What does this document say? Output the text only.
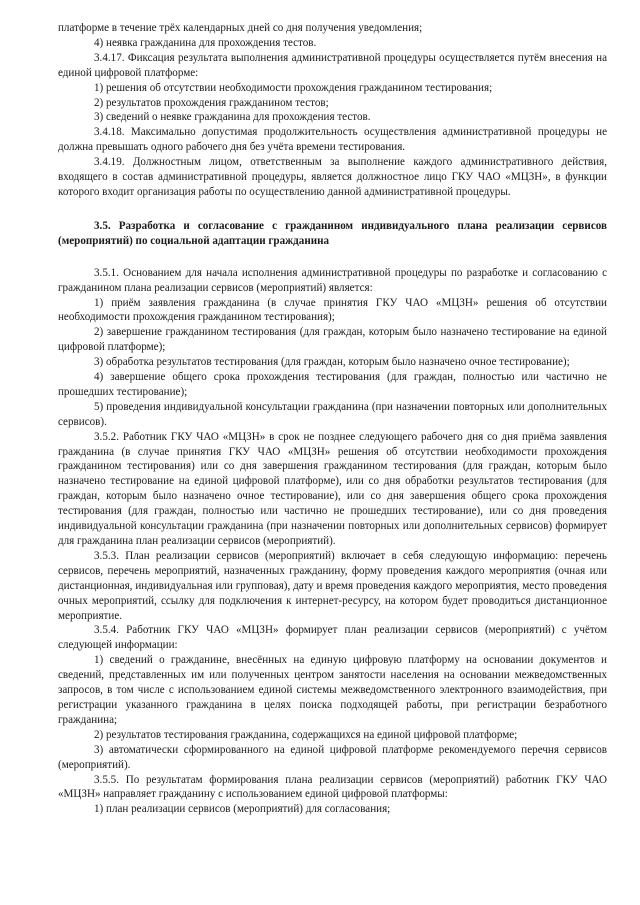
платформе в течение трёх календарных дней со дня получения уведомления;

4) неявка гражданина для прохождения тестов.

3.4.17. Фиксация результата выполнения административной процедуры осуществляется путём внесения на единой цифровой платформе:

1) решения об отсутствии необходимости прохождения гражданином тестирования;

2) результатов прохождения гражданином тестов;

3) сведений о неявке гражданина для прохождения тестов.

3.4.18. Максимально допустимая продолжительность осуществления административной процедуры не должна превышать одного рабочего дня без учёта времени тестирования.

3.4.19. Должностным лицом, ответственным за выполнение каждого административного действия, входящего в состав административной процедуры, является должностное лицо ГКУ ЧАО «МЦЗН», в функции которого входит организация работы по осуществлению данной административной процедуры.

3.5. Разработка и согласование с гражданином индивидуального плана реализации сервисов (мероприятий) по социальной адаптации гражданина

3.5.1. Основанием для начала исполнения административной процедуры по разработке и согласованию с гражданином плана реализации сервисов (мероприятий) является:

1) приём заявления гражданина (в случае принятия ГКУ ЧАО «МЦЗН» решения об отсутствии необходимости прохождения гражданином тестирования);

2) завершение гражданином тестирования (для граждан, которым было назначено тестирование на единой цифровой платформе);

3) обработка результатов тестирования (для граждан, которым было назначено очное тестирование);

4) завершение общего срока прохождения тестирования (для граждан, полностью или частично не прошедших тестирование);

5) проведения индивидуальной консультации гражданина (при назначении повторных или дополнительных сервисов).

3.5.2. Работник ГКУ ЧАО «МЦЗН» в срок не позднее следующего рабочего дня со дня приёма заявления гражданина (в случае принятия ГКУ ЧАО «МЦЗН» решения об отсутствии необходимости прохождения гражданином тестирования) или со дня завершения гражданином тестирования (для граждан, которым было назначено тестирование на единой цифровой платформе), или со дня обработки результатов тестирования (для граждан, которым было назначено очное тестирование), или со дня завершения общего срока прохождения тестирования (для граждан, полностью или частично не прошедших тестирование), или со дня проведения индивидуальной консультации гражданина (при назначении повторных или дополнительных сервисов) формирует для гражданина план реализации сервисов (мероприятий).

3.5.3. План реализации сервисов (мероприятий) включает в себя следующую информацию: перечень сервисов, перечень мероприятий, назначенных гражданину, форму проведения каждого мероприятия (очная или дистанционная, индивидуальная или групповая), дату и время проведения каждого мероприятия, место проведения очных мероприятий, ссылку для подключения к интернет-ресурсу, на котором будет проводиться дистанционное мероприятие.

3.5.4. Работник ГКУ ЧАО «МЦЗН» формирует план реализации сервисов (мероприятий) с учётом следующей информации:

1) сведений о гражданине, внесённых на единую цифровую платформу на основании документов и сведений, представленных им или полученных центром занятости населения на основании межведомственных запросов, в том числе с использованием единой системы межведомственного электронного взаимодействия, при регистрации указанного гражданина в целях поиска подходящей работы, при регистрации безработного гражданина;

2) результатов тестирования гражданина, содержащихся на единой цифровой платформе;

3) автоматически сформированного на единой цифровой платформе рекомендуемого перечня сервисов (мероприятий).

3.5.5. По результатам формирования плана реализации сервисов (мероприятий) работник ГКУ ЧАО «МЦЗН» направляет гражданину с использованием единой цифровой платформы:

1) план реализации сервисов (мероприятий) для согласования;
